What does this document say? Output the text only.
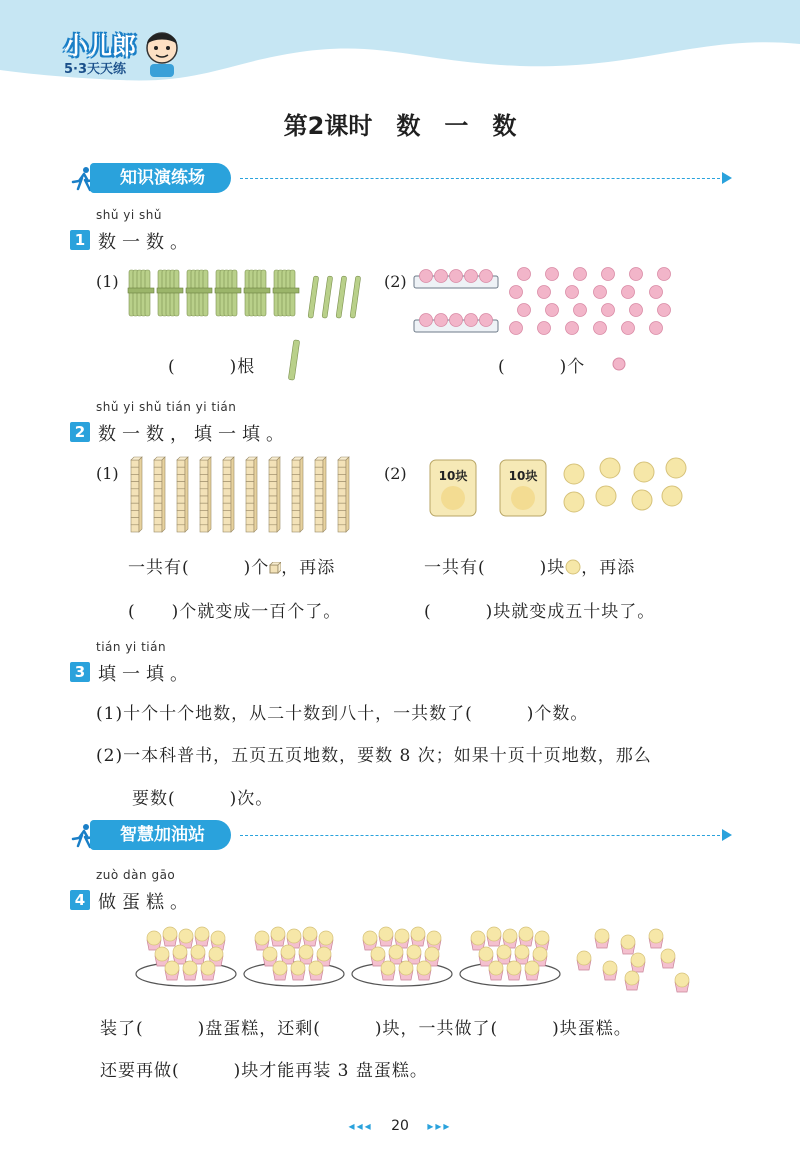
小儿郎
5·3天天练
第2课时　数　一　数
知识演练场
shǔ yi shǔ
1 数一数。
(1)
(　　　)根
(2)
(　　　)个
shǔ yi shǔ tián yi tián
2 数一数，填一填。
(1)
一共有(　　　)个 ，再添
(　　)个就变成一百个了。
(2)	10块	10块
一共有(　　　)块 ，再添
(　　　)块就变成五十块了。
tián yi tián
3 填一填。
(1)十个十个地数，从二十数到八十，一共数了(　　　)个数。
(2)一本科普书，五页五页地数，要数 8 次；如果十页十页地数，那么
要数(　　　)次。
智慧加油站
zuò dàn gāo
4 做蛋糕。
装了(　　　)盘蛋糕，还剩(　　　)块，一共做了(　　　)块蛋糕。
还要再做(　　　)块才能再装 3 盘蛋糕。
◂◂◂ 20 ▸▸▸
